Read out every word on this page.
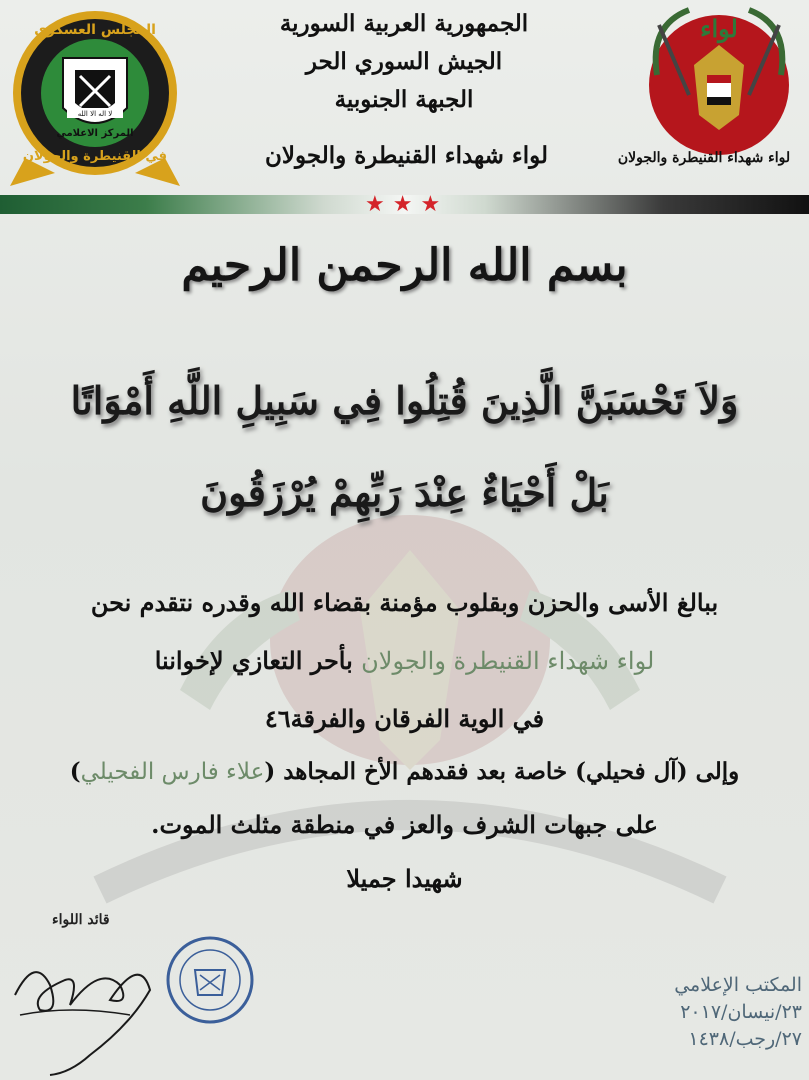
الجمهورية العربية السورية
الجيش السوري الحر
الجبهة الجنوبية
لواء شهداء القنيطرة والجولان
لا اله الا الله
المجلس العسكري
المركز الاعلامي
في القنيطرة والجولان
لواء
لواء شهداء القنيطرة والجولان
★★★
بسم الله الرحمن الرحيم
وَلاَ تَحْسَبَنَّ الَّذِينَ قُتِلُوا فِي سَبِيلِ اللَّهِ أَمْوَاتًا
بَلْ أَحْيَاءٌ عِنْدَ رَبِّهِمْ يُرْزَقُونَ
ببالغ الأسى والحزن وبقلوب مؤمنة بقضاء الله وقدره نتقدم نحن
لواء شهداء القنيطرة والجولان بأحر التعازي لإخواننا
في الوية الفرقان والفرقة٤٦
وإلى (آل فحيلي) خاصة بعد فقدهم الأخ المجاهد (علاء فارس الفحيلي)
على جبهات الشرف والعز في منطقة مثلث الموت.
شهيدا جميلا
قائد اللواء
المكتب الإعلامي
٢٣/نيسان/٢٠١٧
٢٧/رجب/١٤٣٨
